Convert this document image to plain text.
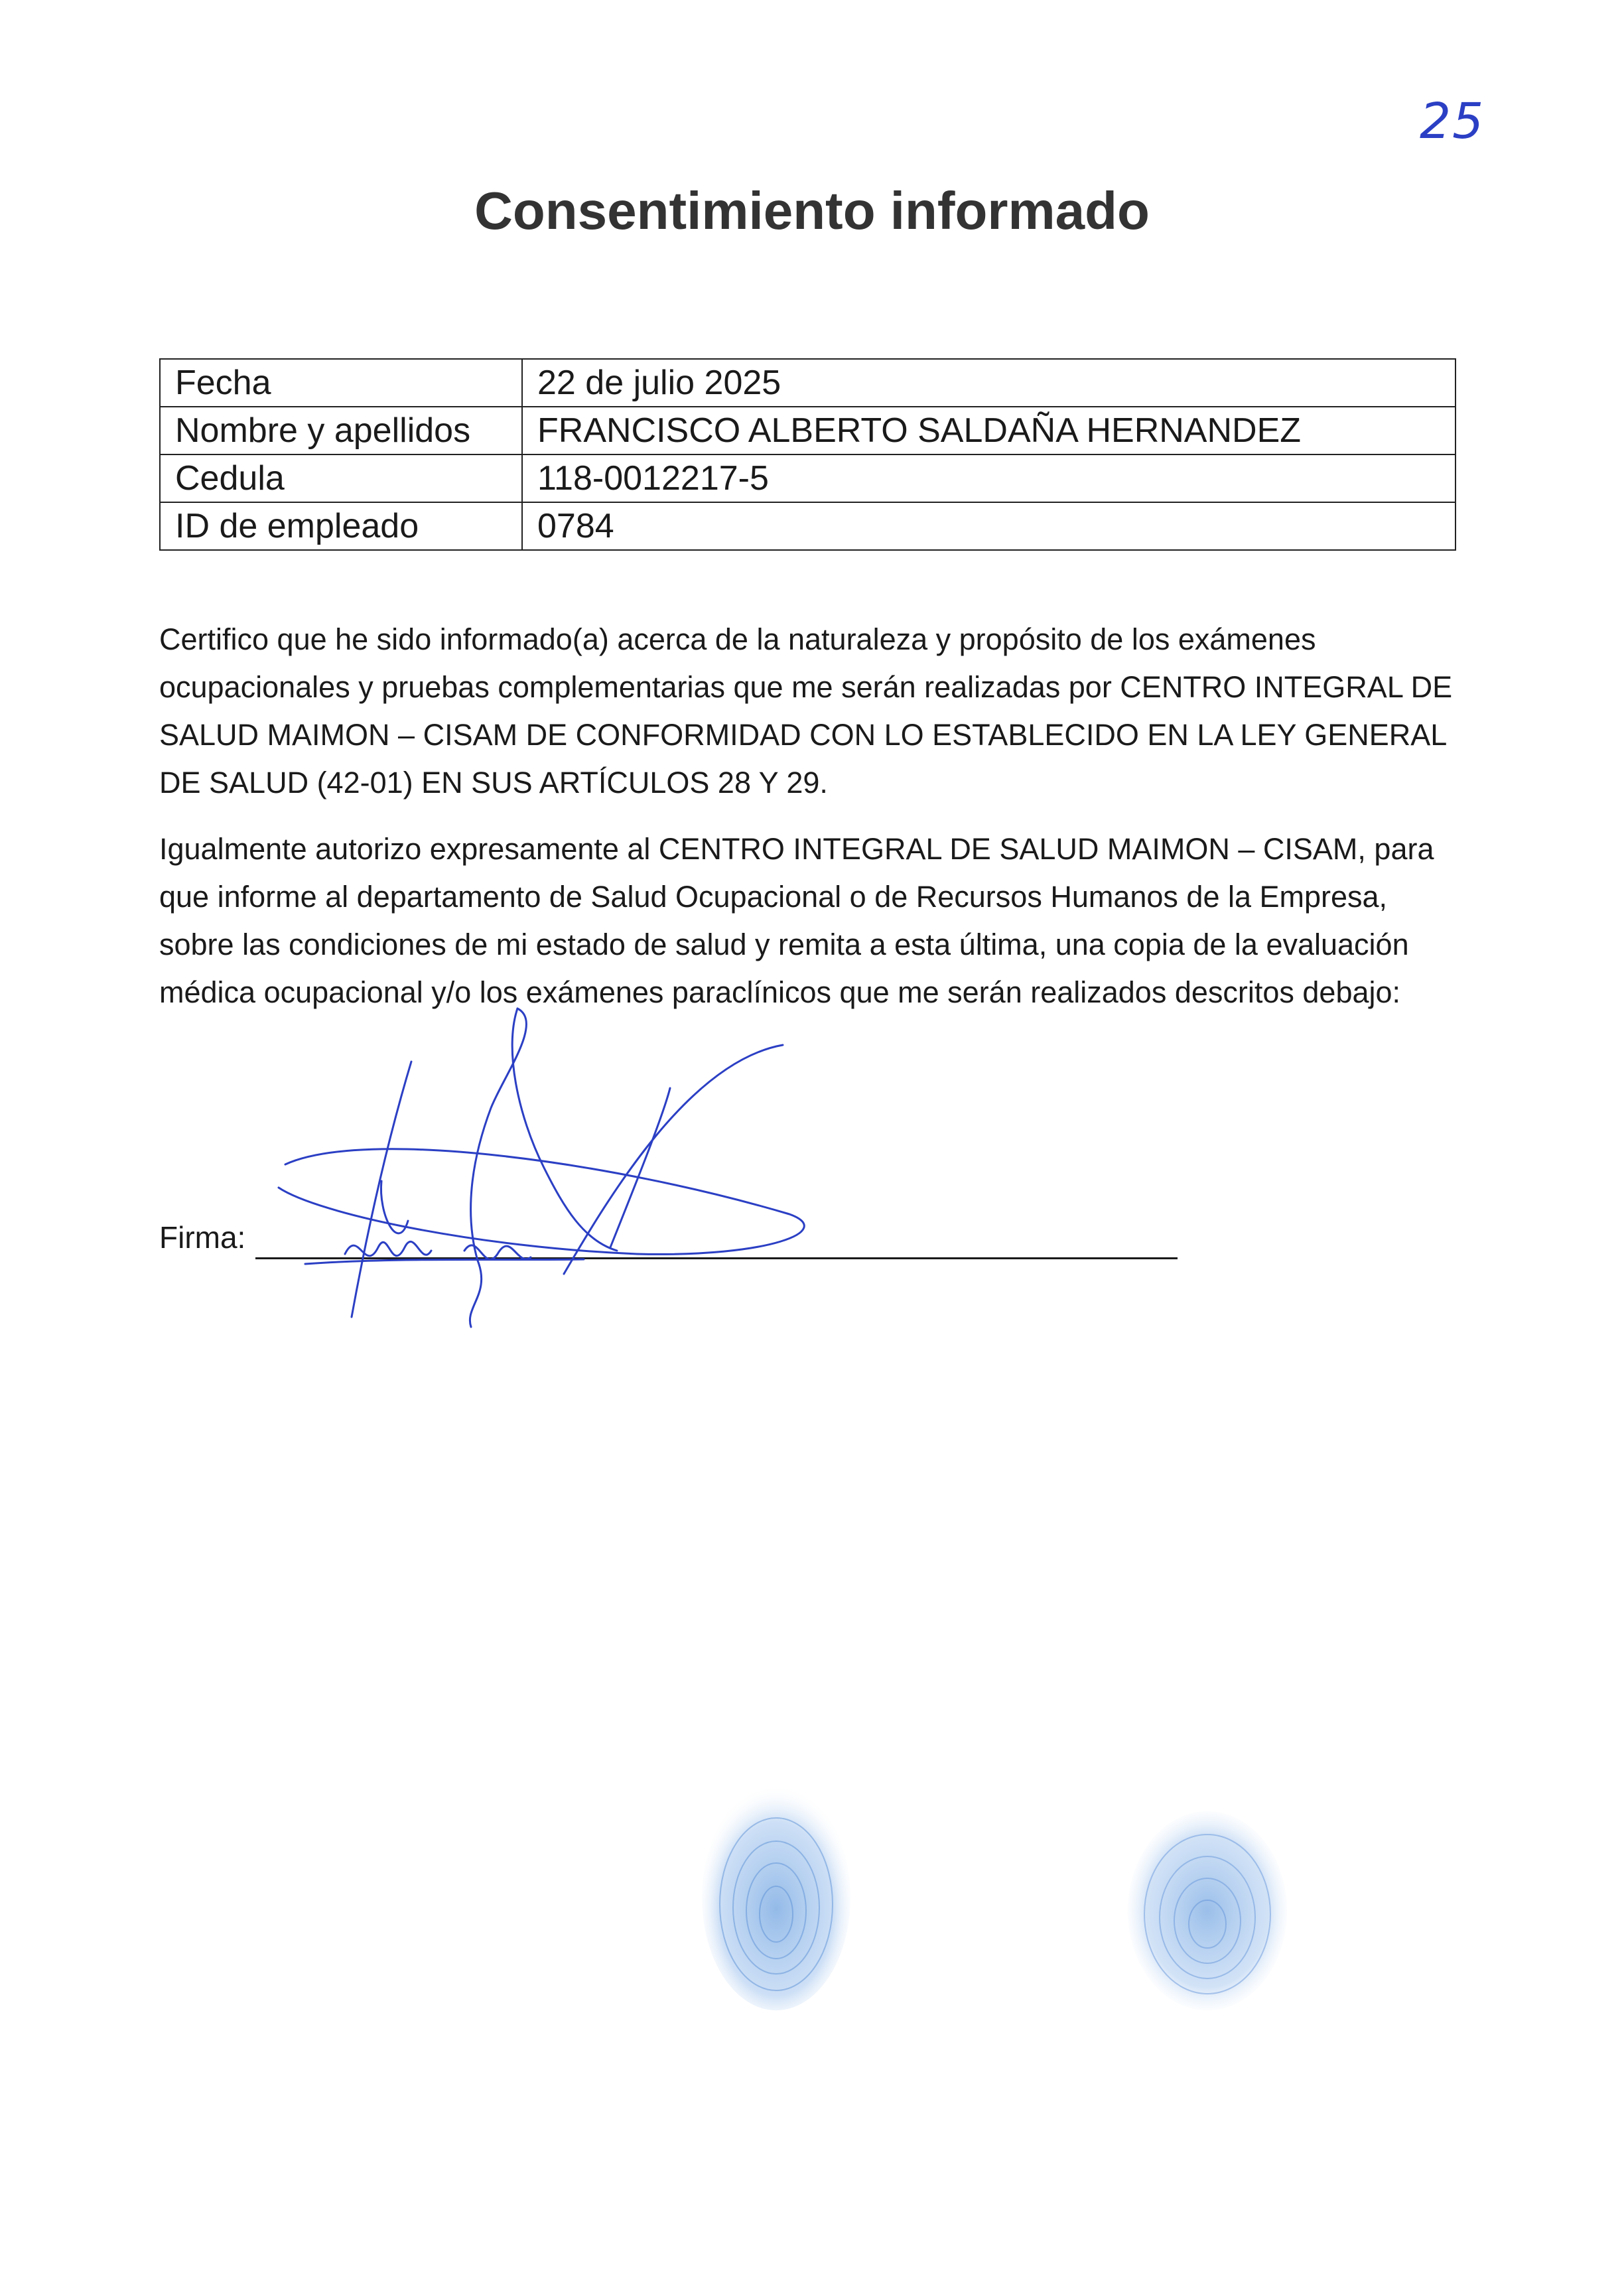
25
Consentimiento informado
Fecha	22 de julio 2025
Nombre y apellidos	FRANCISCO ALBERTO SALDAÑA HERNANDEZ
Cedula	118-0012217-5
ID de empleado	0784
Certifico que he sido informado(a) acerca de la naturaleza y propósito de los exámenes ocupacionales y pruebas complementarias que me serán realizadas por CENTRO INTEGRAL DE SALUD MAIMON – CISAM DE CONFORMIDAD CON LO ESTABLECIDO EN LA LEY GENERAL DE SALUD (42-01) EN SUS ARTÍCULOS 28 Y 29.
Igualmente autorizo expresamente al CENTRO INTEGRAL DE SALUD MAIMON – CISAM, para que informe al departamento de Salud Ocupacional o de Recursos Humanos de la Empresa, sobre las condiciones de mi estado de salud y remita a esta última, una copia de la evaluación médica ocupacional y/o los exámenes paraclínicos que me serán realizados descritos debajo:
Firma:
